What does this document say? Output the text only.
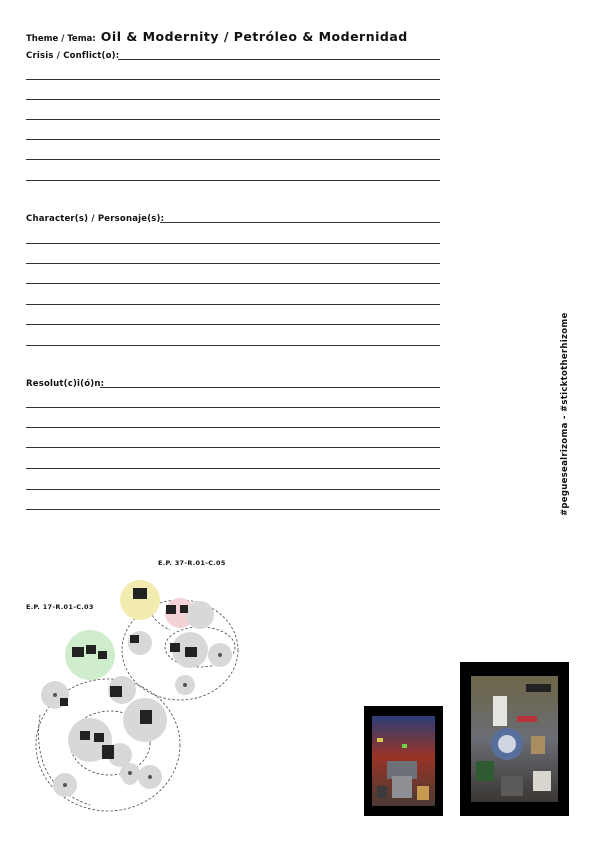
Theme / Tema: Oil & Modernity / Petróleo & Modernidad
Crisis / Conflict(o):
Character(s) / Personaje(s):
Resolut(c)i(ó)n:	#peguesealrizoma - #sticktotherhizome
E.P. 37-R.01-C.05
E.P. 17-R.01-C.03
